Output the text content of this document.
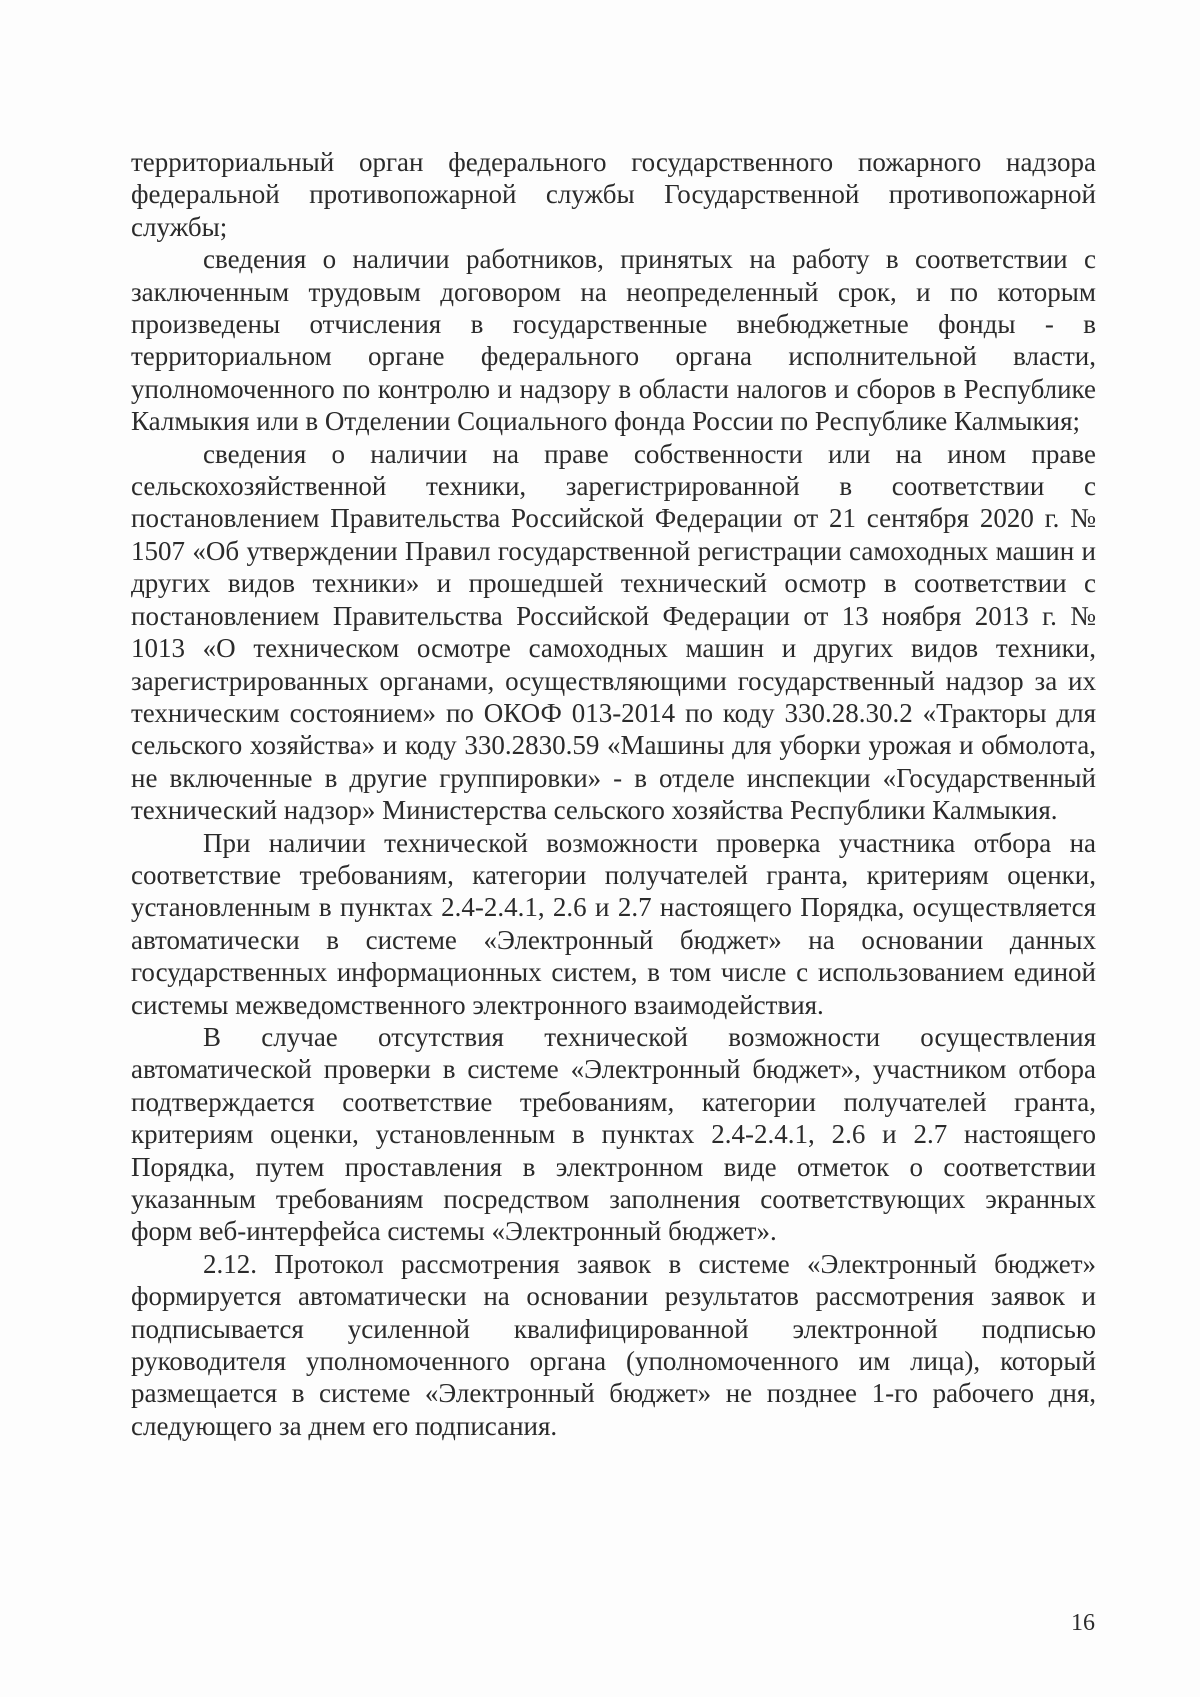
территориальный орган федерального государственного пожарного надзора федеральной противопожарной службы Государственной противопожарной службы;

сведения о наличии работников, принятых на работу в соответствии с заключенным трудовым договором на неопределенный срок, и по которым произведены отчисления в государственные внебюджетные фонды - в территориальном органе федерального органа исполнительной власти, уполномоченного по контролю и надзору в области налогов и сборов в Республике Калмыкия или в Отделении Социального фонда России по Республике Калмыкия;

сведения о наличии на праве собственности или на ином праве сельскохозяйственной техники, зарегистрированной в соответствии с постановлением Правительства Российской Федерации от 21 сентября 2020 г. № 1507 «Об утверждении Правил государственной регистрации самоходных машин и других видов техники» и прошедшей технический осмотр в соответствии с постановлением Правительства Российской Федерации от 13 ноября 2013 г. № 1013 «О техническом осмотре самоходных машин и других видов техники, зарегистрированных органами, осуществляющими государственный надзор за их техническим состоянием» по ОКОФ 013-2014 по коду 330.28.30.2 «Тракторы для сельского хозяйства» и коду 330.2830.59 «Машины для уборки урожая и обмолота, не включенные в другие группировки» - в отделе инспекции «Государственный технический надзор» Министерства сельского хозяйства Республики Калмыкия.

При наличии технической возможности проверка участника отбора на соответствие требованиям, категории получателей гранта, критериям оценки, установленным в пунктах 2.4-2.4.1, 2.6 и 2.7 настоящего Порядка, осуществляется автоматически в системе «Электронный бюджет» на основании данных государственных информационных систем, в том числе с использованием единой системы межведомственного электронного взаимодействия.

В случае отсутствия технической возможности осуществления автоматической проверки в системе «Электронный бюджет», участником отбора подтверждается соответствие требованиям, категории получателей гранта, критериям оценки, установленным в пунктах 2.4-2.4.1, 2.6 и 2.7 настоящего Порядка, путем проставления в электронном виде отметок о соответствии указанным требованиям посредством заполнения соответствующих экранных форм веб-интерфейса системы «Электронный бюджет».

2.12. Протокол рассмотрения заявок в системе «Электронный бюджет» формируется автоматически на основании результатов рассмотрения заявок и подписывается усиленной квалифицированной электронной подписью руководителя уполномоченного органа (уполномоченного им лица), который размещается в системе «Электронный бюджет» не позднее 1-го рабочего дня, следующего за днем его подписания.

16
